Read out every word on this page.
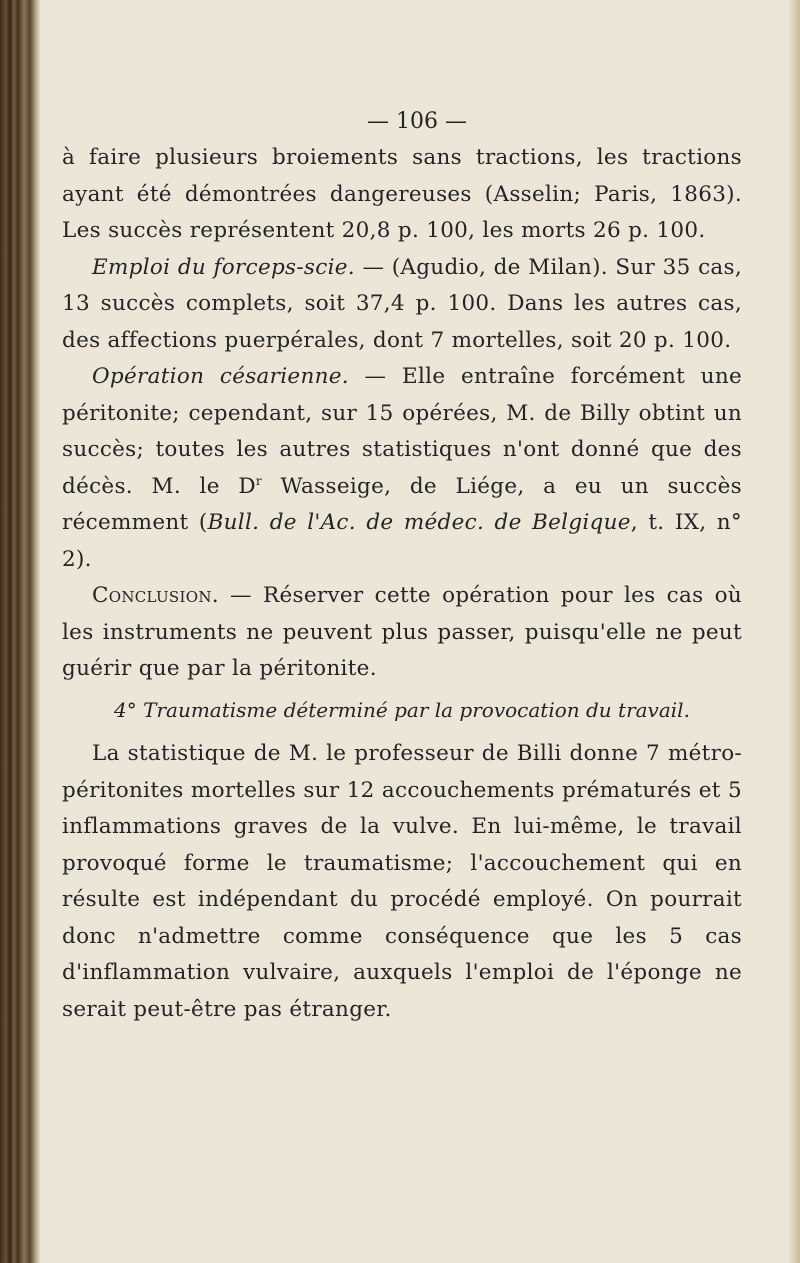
— 106 —

à faire plusieurs broiements sans tractions, les tractions ayant été démontrées dangereuses (Asselin; Paris, 1863). Les succès représentent 20,8 p. 100, les morts 26 p. 100.

Emploi du forceps-scie. — (Agudio, de Milan). Sur 35 cas, 13 succès complets, soit 37,4 p. 100. Dans les autres cas, des affections puerpérales, dont 7 mortelles, soit 20 p. 100.

Opération césarienne. — Elle entraîne forcément une péritonite; cependant, sur 15 opérées, M. de Billy obtint un succès; toutes les autres statistiques n'ont donné que des décès. M. le $D^r$ Wasseige, de Liége, a eu un succès récemment (Bull. de l'Ac. de médec. de Belgique, t. IX, n° 2).

Conclusion. — Réserver cette opération pour les cas où les instruments ne peuvent plus passer, puisqu'elle ne peut guérir que par la péritonite.

4° Traumatisme déterminé par la provocation du travail.

La statistique de M. le professeur de Billi donne 7 métro-péritonites mortelles sur 12 accouchements prématurés et 5 inflammations graves de la vulve. En lui-même, le travail provoqué forme le traumatisme; l'accouchement qui en résulte est indépendant du procédé employé. On pourrait donc n'admettre comme conséquence que les 5 cas d'inflammation vulvaire, auxquels l'emploi de l'éponge ne serait peut-être pas étranger.
